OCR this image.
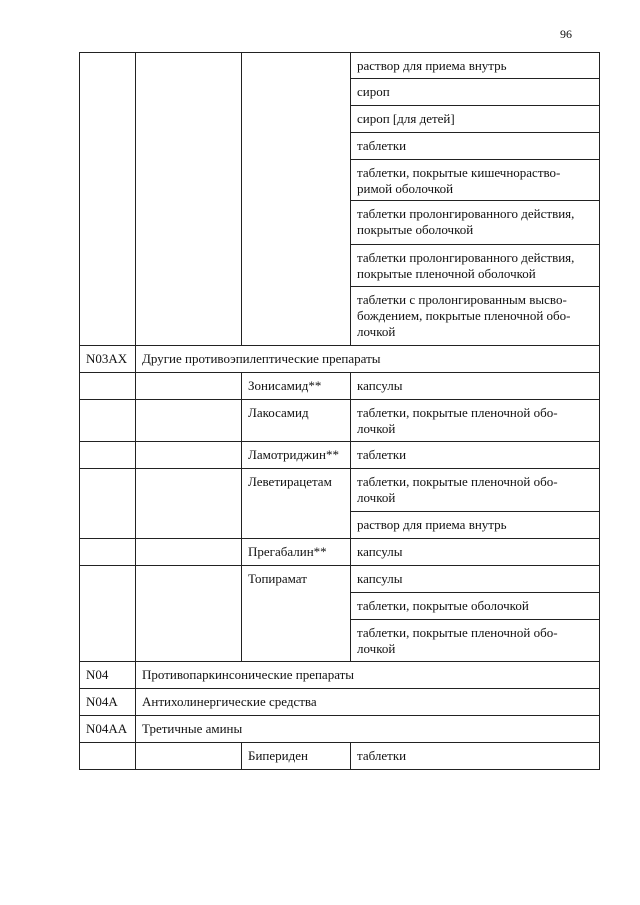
96
раствор для приема внутрь
сироп
сироп [для детей]
таблетки
таблетки, покрытые кишечнораство-римой оболочкой
таблетки пролонгированного действия, покрытые оболочкой
таблетки пролонгированного действия, покрытые пленочной оболочкой
таблетки с пролонгированным высво-бождением, покрытые пленочной обо-лочкой
N03AX	Другие противоэпилептические препараты
Зонисамид**	капсулы
Лакосамид	таблетки, покрытые пленочной обо-лочкой
Ламотриджин**	таблетки
Леветирацетам	таблетки, покрытые пленочной обо-лочкой
раствор для приема внутрь
Прегабалин**	капсулы
Топирамат	капсулы
таблетки, покрытые оболочкой
таблетки, покрытые пленочной обо-лочкой
N04	Противопаркинсонические препараты
N04A	Антихолинергические средства
N04AA	Третичные амины
Бипериден	таблетки
